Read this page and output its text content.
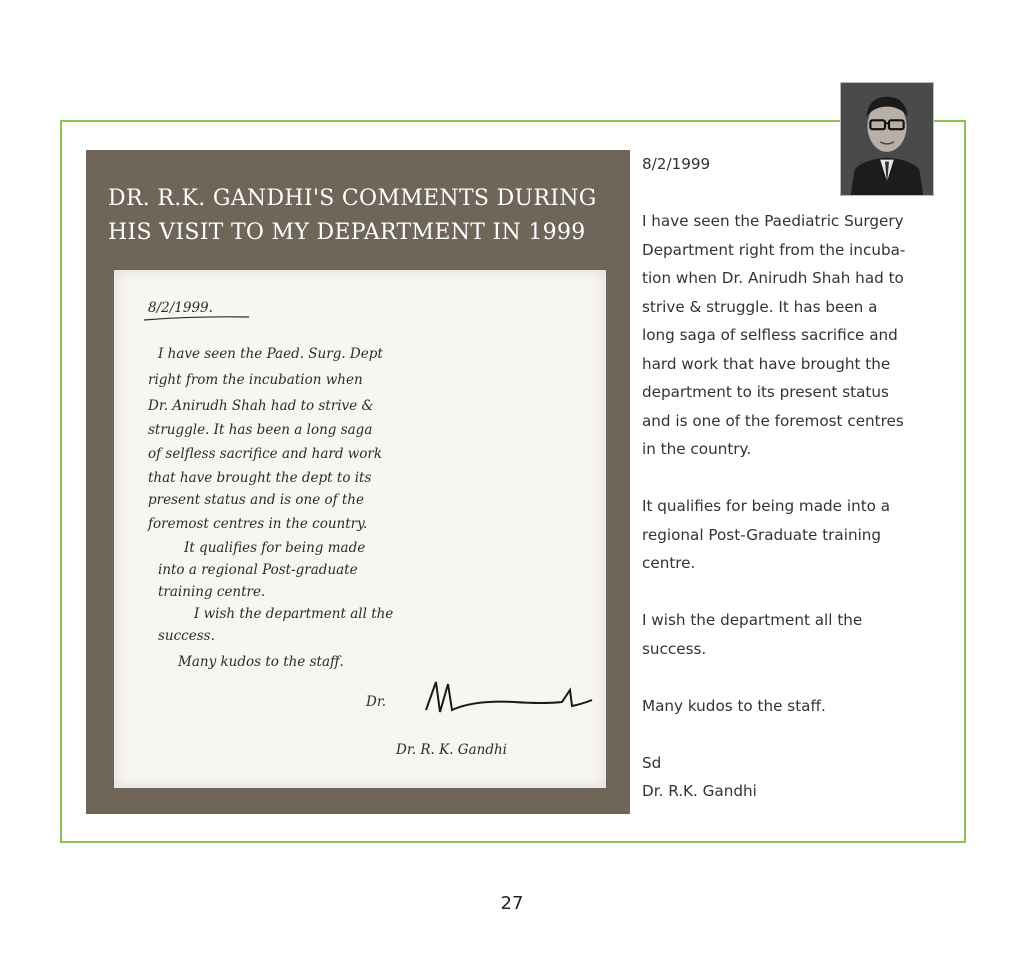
DR. R.K. GANDHI'S COMMENTS DURING
HIS VISIT TO MY DEPARTMENT IN 1999
8/2/1999.
I have seen the Paed. Surg. Dept
right from the incubation when
Dr. Anirudh Shah had to strive &
struggle. It has been a long saga
of selfless sacrifice and hard work
that have brought the dept to its
present status and is one of the
foremost centres in the country.
It qualifies for being made
into a regional Post-graduate
training centre.
I wish the department all the
success.
Many kudos to the staff.
Dr.
Dr. R. K. Gandhi

8/2/1999

I have seen the Paediatric Surgery

Department right from the incuba-

tion when Dr. Anirudh Shah had to

strive & struggle. It has been a

long saga of selfless sacrifice and

hard work that have brought the

department to its present status

and is one of the foremost centres

in the country.

It qualifies for being made into a

regional Post-Graduate training

centre.

I wish the department all the

success.

Many kudos to the staff.

Sd

Dr. R.K. Gandhi

27
